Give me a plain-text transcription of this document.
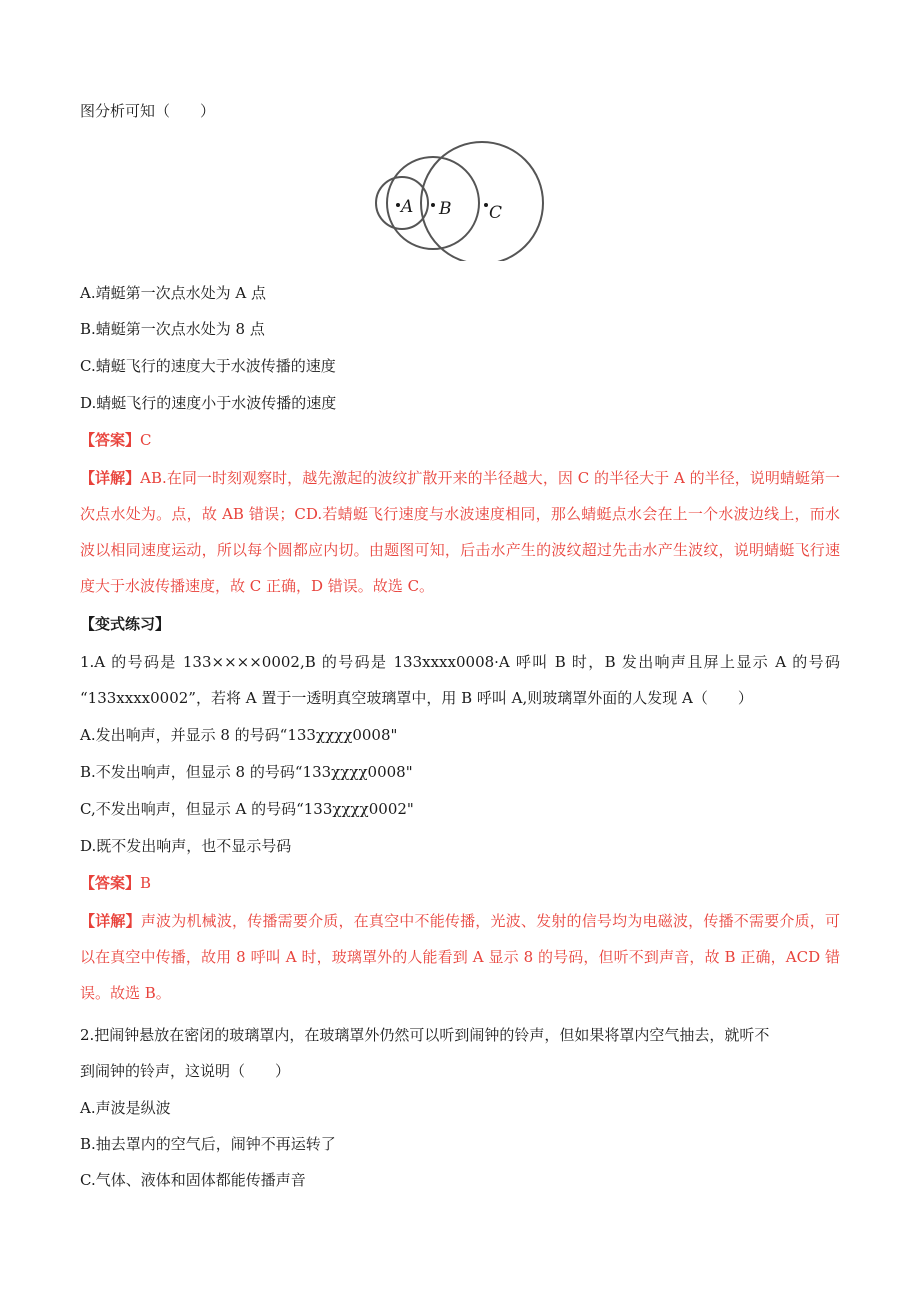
图分析可知（　　）
A B C
A.靖蜓第一次点水处为 A 点
B.蜻蜓第一次点水处为 8 点
C.蜻蜓飞行的速度大于水波传播的速度
D.蜻蜓飞行的速度小于水波传播的速度
【答案】C
【详解】AB.在同一时刻观察时，越先激起的波纹扩散开来的半径越大，因 C 的半径大于 A 的半径，说明蜻蜓第一次点水处为。点，故 AB 错误；CD.若蜻蜓飞行速度与水波速度相同，那么蜻蜓点水会在上一个水波边线上，而水波以相同速度运动，所以每个圆都应内切。由题图可知，后击水产生的波纹超过先击水产生波纹，说明蜻蜓飞行速度大于水波传播速度，故 C 正确，D 错误。故选 C。
【变式练习】
1.A 的号码是 133××××0002,B 的号码是 133xxxx0008·A 呼叫 B 时，B 发出响声且屏上显示 A 的号码
“133xxxx0002”，若将 A 置于一透明真空玻璃罩中，用 B 呼叫 A,则玻璃罩外面的人发现 A（　　）
A.发出响声，并显示 8 的号码“133χχχχ0008"
B.不发出响声，但显示 8 的号码“133χχχχ0008"
C,不发出响声，但显示 A 的号码“133χχχχ0002"
D.既不发出响声，也不显示号码
【答案】B
【详解】声波为机械波，传播需要介质，在真空中不能传播，光波、发射的信号均为电磁波，传播不需要介质，可以在真空中传播，故用 8 呼叫 A 时，玻璃罩外的人能看到 A 显示 8 的号码，但听不到声音，故 B 正确，ACD 错误。故选 B。
2.把闹钟悬放在密闭的玻璃罩内，在玻璃罩外仍然可以听到闹钟的铃声，但如果将罩内空气抽去，就听不
到闹钟的铃声，这说明（　　）
A.声波是纵波
B.抽去罩内的空气后，闹钟不再运转了
C.气体、液体和固体都能传播声音
